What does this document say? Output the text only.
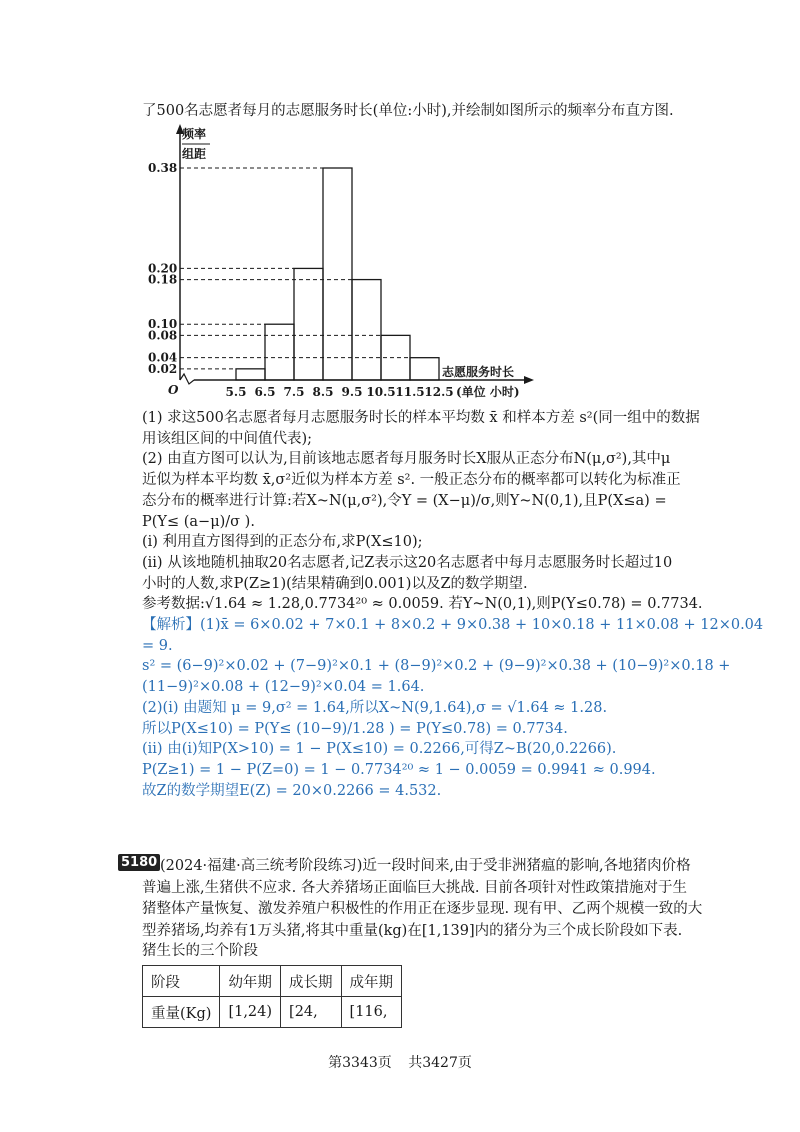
了500名志愿者每月的志愿服务时长(单位:小时),并绘制如图所示的频率分布直方图.
频率
组距
O
0.02
0.04
0.08
0.10
0.18
0.20
0.38
5.5 6.5 7.5 8.5 9.5 10.5 11.5 12.5
志愿服务时长
(单位 小时)
(1) 求这500名志愿者每月志愿服务时长的样本平均数 x̄ 和样本方差 s²(同一组中的数据
用该组区间的中间值代表);
(2) 由直方图可以认为,目前该地志愿者每月服务时长X服从正态分布N(μ,σ²),其中μ
近似为样本平均数 x̄,σ²近似为样本方差 s². 一般正态分布的概率都可以转化为标准正
态分布的概率进行计算:若X~N(μ,σ²),令Y = (X−μ)/σ,则Y~N(0,1),且P(X≤a) =
P(Y≤ (a−μ)/σ ).
(ⅰ) 利用直方图得到的正态分布,求P(X≤10);
(ⅱ) 从该地随机抽取20名志愿者,记Z表示这20名志愿者中每月志愿服务时长超过10
小时的人数,求P(Z≥1)(结果精确到0.001)以及Z的数学期望.
参考数据:√1.64 ≈ 1.28,0.7734²⁰ ≈ 0.0059. 若Y~N(0,1),则P(Y≤0.78) = 0.7734.
【解析】(1)x̄ = 6×0.02 + 7×0.1 + 8×0.2 + 9×0.38 + 10×0.18 + 11×0.08 + 12×0.04
= 9.
s² = (6−9)²×0.02 + (7−9)²×0.1 + (8−9)²×0.2 + (9−9)²×0.38 + (10−9)²×0.18 +
(11−9)²×0.08 + (12−9)²×0.04 = 1.64.
(2)(i) 由题知 μ = 9,σ² = 1.64,所以X~N(9,1.64),σ = √1.64 ≈ 1.28.
所以P(X≤10) = P(Y≤ (10−9)/1.28 ) = P(Y≤0.78) = 0.7734.
(ii) 由(i)知P(X>10) = 1 − P(X≤10) = 0.2266,可得Z~B(20,0.2266).
P(Z≥1) = 1 − P(Z=0) = 1 − 0.7734²⁰ ≈ 1 − 0.0059 = 0.9941 ≈ 0.994.
故Z的数学期望E(Z) = 20×0.2266 = 4.532.
5180 (2024·福建·高三统考阶段练习)近一段时间来,由于受非洲猪瘟的影响,各地猪肉价格
普遍上涨,生猪供不应求. 各大养猪场正面临巨大挑战. 目前各项针对性政策措施对于生
猪整体产量恢复、激发养殖户积极性的作用正在逐步显现. 现有甲、乙两个规模一致的大
型养猪场,均养有1万头猪,将其中重量(kg)在[1,139]内的猪分为三个成长阶段如下表.
猪生长的三个阶段
阶段	幼年期	成长期	成年期
重量(Kg)	[1,24)	[24,	[116,
第3343页 共3427页
